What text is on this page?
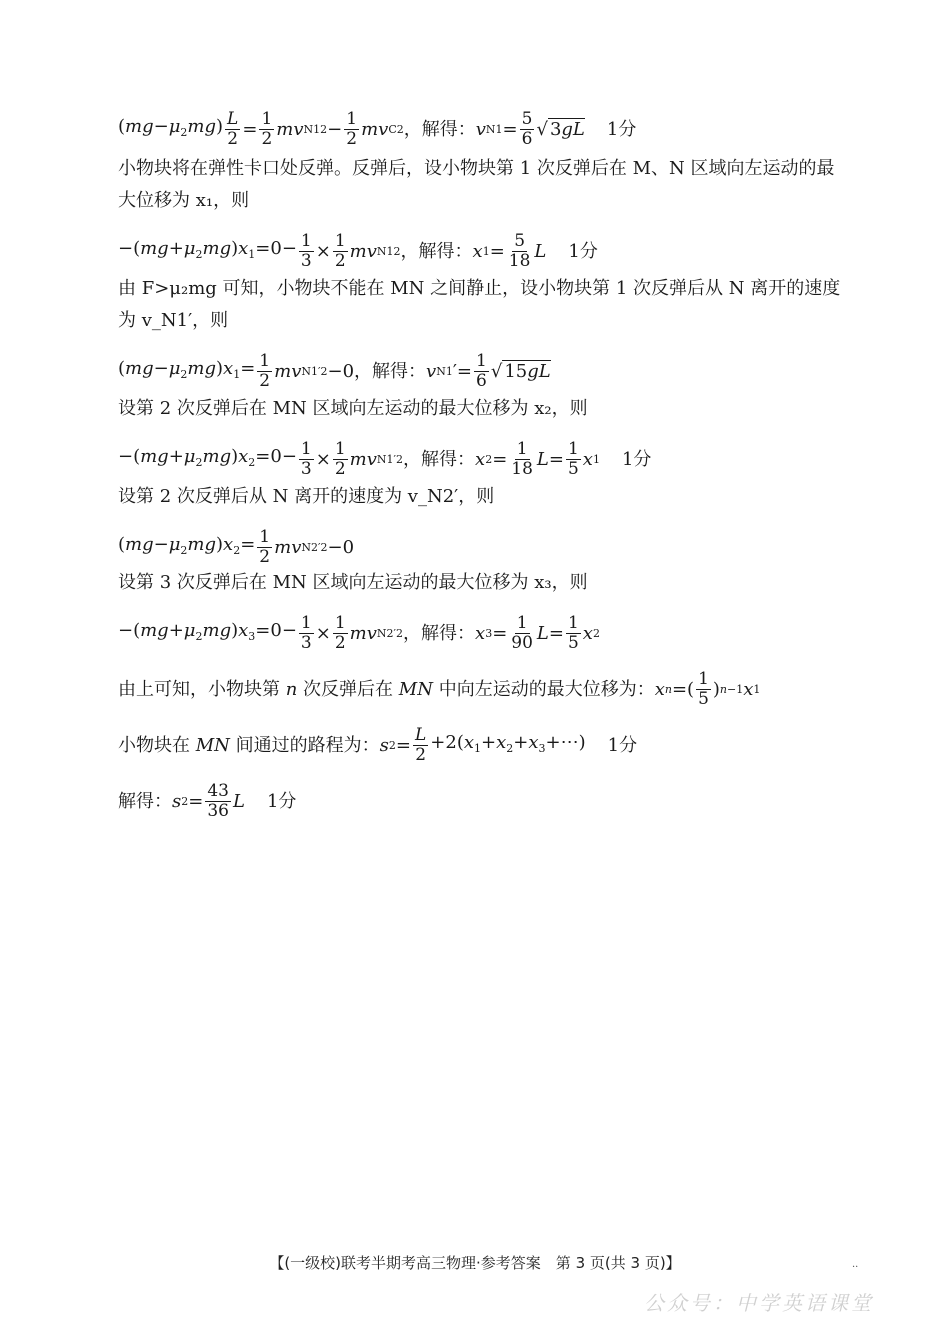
$(mg-\mu_2mg) \frac{L}{2} = \frac{1}{2}$ mv N1 $2 - \frac{1}{2}$ mv C 2 ，解得： v $N1 = \frac{5}{6}$ √ 3gL 1分
小物块将在弹性卡口处反弹。反弹后，设小物块第 1 次反弹后在 M、N 区域向左运动的最
大位移为 x₁，则
$-(mg+\mu_2mg)x_1=0- \frac{1}{3} \times \frac{1}{2}$ mv N1 2 ，解得： x $1 = \frac{5}{18}$ L 1分
由 F>μ₂mg 可知，小物块不能在 MN 之间静止，设小物块第 1 次反弹后从 N 离开的速度
为 v_N1′，则
$(mg-\mu_2mg)x_1= \frac{1}{2}$ mv N1 ′2 −0，解得： v N1 ′= $\frac{1}{6}$ √ 15gL
设第 2 次反弹后在 MN 区域向左运动的最大位移为 x₂，则
$-(mg+\mu_2mg)x_2=0- \frac{1}{3} \times \frac{1}{2}$ mv N1 ′2 ，解得： x $2 = \frac{1}{18}$ $L = \frac{1}{5}$ x 1 1分
设第 2 次反弹后从 N 离开的速度为 v_N2′，则
$(mg-\mu_2mg)x_2= \frac{1}{2}$ mv N2 ′2 −0
设第 3 次反弹后在 MN 区域向左运动的最大位移为 x₃，则
$-(mg+\mu_2mg)x_3=0- \frac{1}{3} \times \frac{1}{2}$ mv N2 ′2 ，解得： x $3 = \frac{1}{90}$ $L = \frac{1}{5}$ x 2
由上可知，小物块第 n 次反弹后在 MN 中向左运动的最大位移为： x n =( $\frac{1}{5}$ ) n−1 x 1
小物块在 MN 间通过的路程为： s $2 = \frac{L}{2}$ $+2(x_1+x_2+x_3+\cdots)$ 1分
解得： s $2 = \frac{43}{36}$ L 1分
【(一级校)联考半期考高三物理·参考答案　第 3 页(共 3 页)】	··
公众号：中学英语课堂
